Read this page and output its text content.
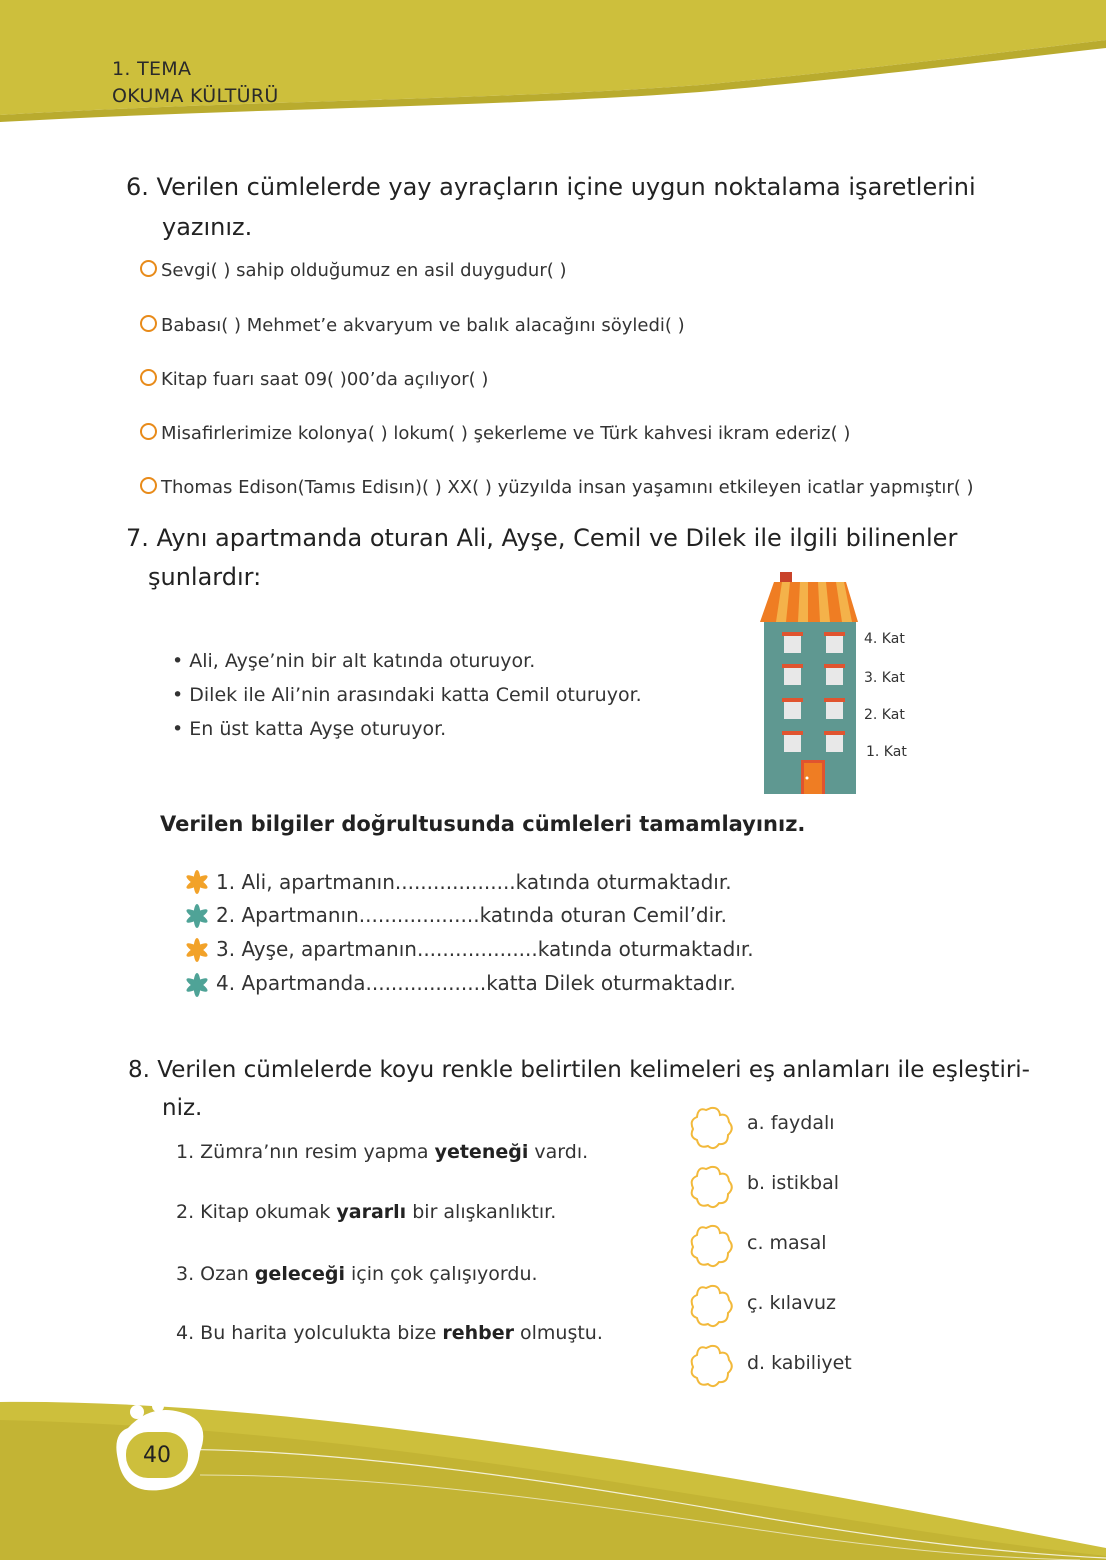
1. TEMA
OKUMA KÜLTÜRÜ
6. Verilen cümlelerde yay ayraçların içine uygun noktalama işaretlerini
yazınız.
Sevgi( ) sahip olduğumuz en asil duygudur( )
Babası( ) Mehmet’e akvaryum ve balık alacağını söyledi( )
Kitap fuarı saat 09( )00’da açılıyor( )
Misafirlerimize kolonya( ) lokum( ) şekerleme ve Türk kahvesi ikram ederiz( )
Thomas Edison(Tamıs Edisın)( ) XX( ) yüzyılda insan yaşamını etkileyen icatlar yapmıştır( )
7. Aynı apartmanda oturan Ali, Ayşe, Cemil ve Dilek ile ilgili bilinenler
şunlardır:
• Ali, Ayşe’nin bir alt katında oturuyor.
• Dilek ile Ali’nin arasındaki katta Cemil oturuyor.
• En üst katta Ayşe oturuyor.
4. Kat
3. Kat
2. Kat
1. Kat
Verilen bilgiler doğrultusunda cümleleri tamamlayınız.
1. Ali, apartmanın...................katında oturmaktadır.
2. Apartmanın...................katında oturan Cemil’dir.
3. Ayşe, apartmanın...................katında oturmaktadır.
4. Apartmanda...................katta Dilek oturmaktadır.
8. Verilen cümlelerde koyu renkle belirtilen kelimeleri eş anlamları ile eşleştiri-
niz.
1. Zümra’nın resim yapma yeteneği vardı.
2. Kitap okumak yararlı bir alışkanlıktır.
3. Ozan geleceği için çok çalışıyordu.
4. Bu harita yolculukta bize rehber olmuştu.
a. faydalı
b. istikbal
c. masal
ç. kılavuz
d. kabiliyet
40
